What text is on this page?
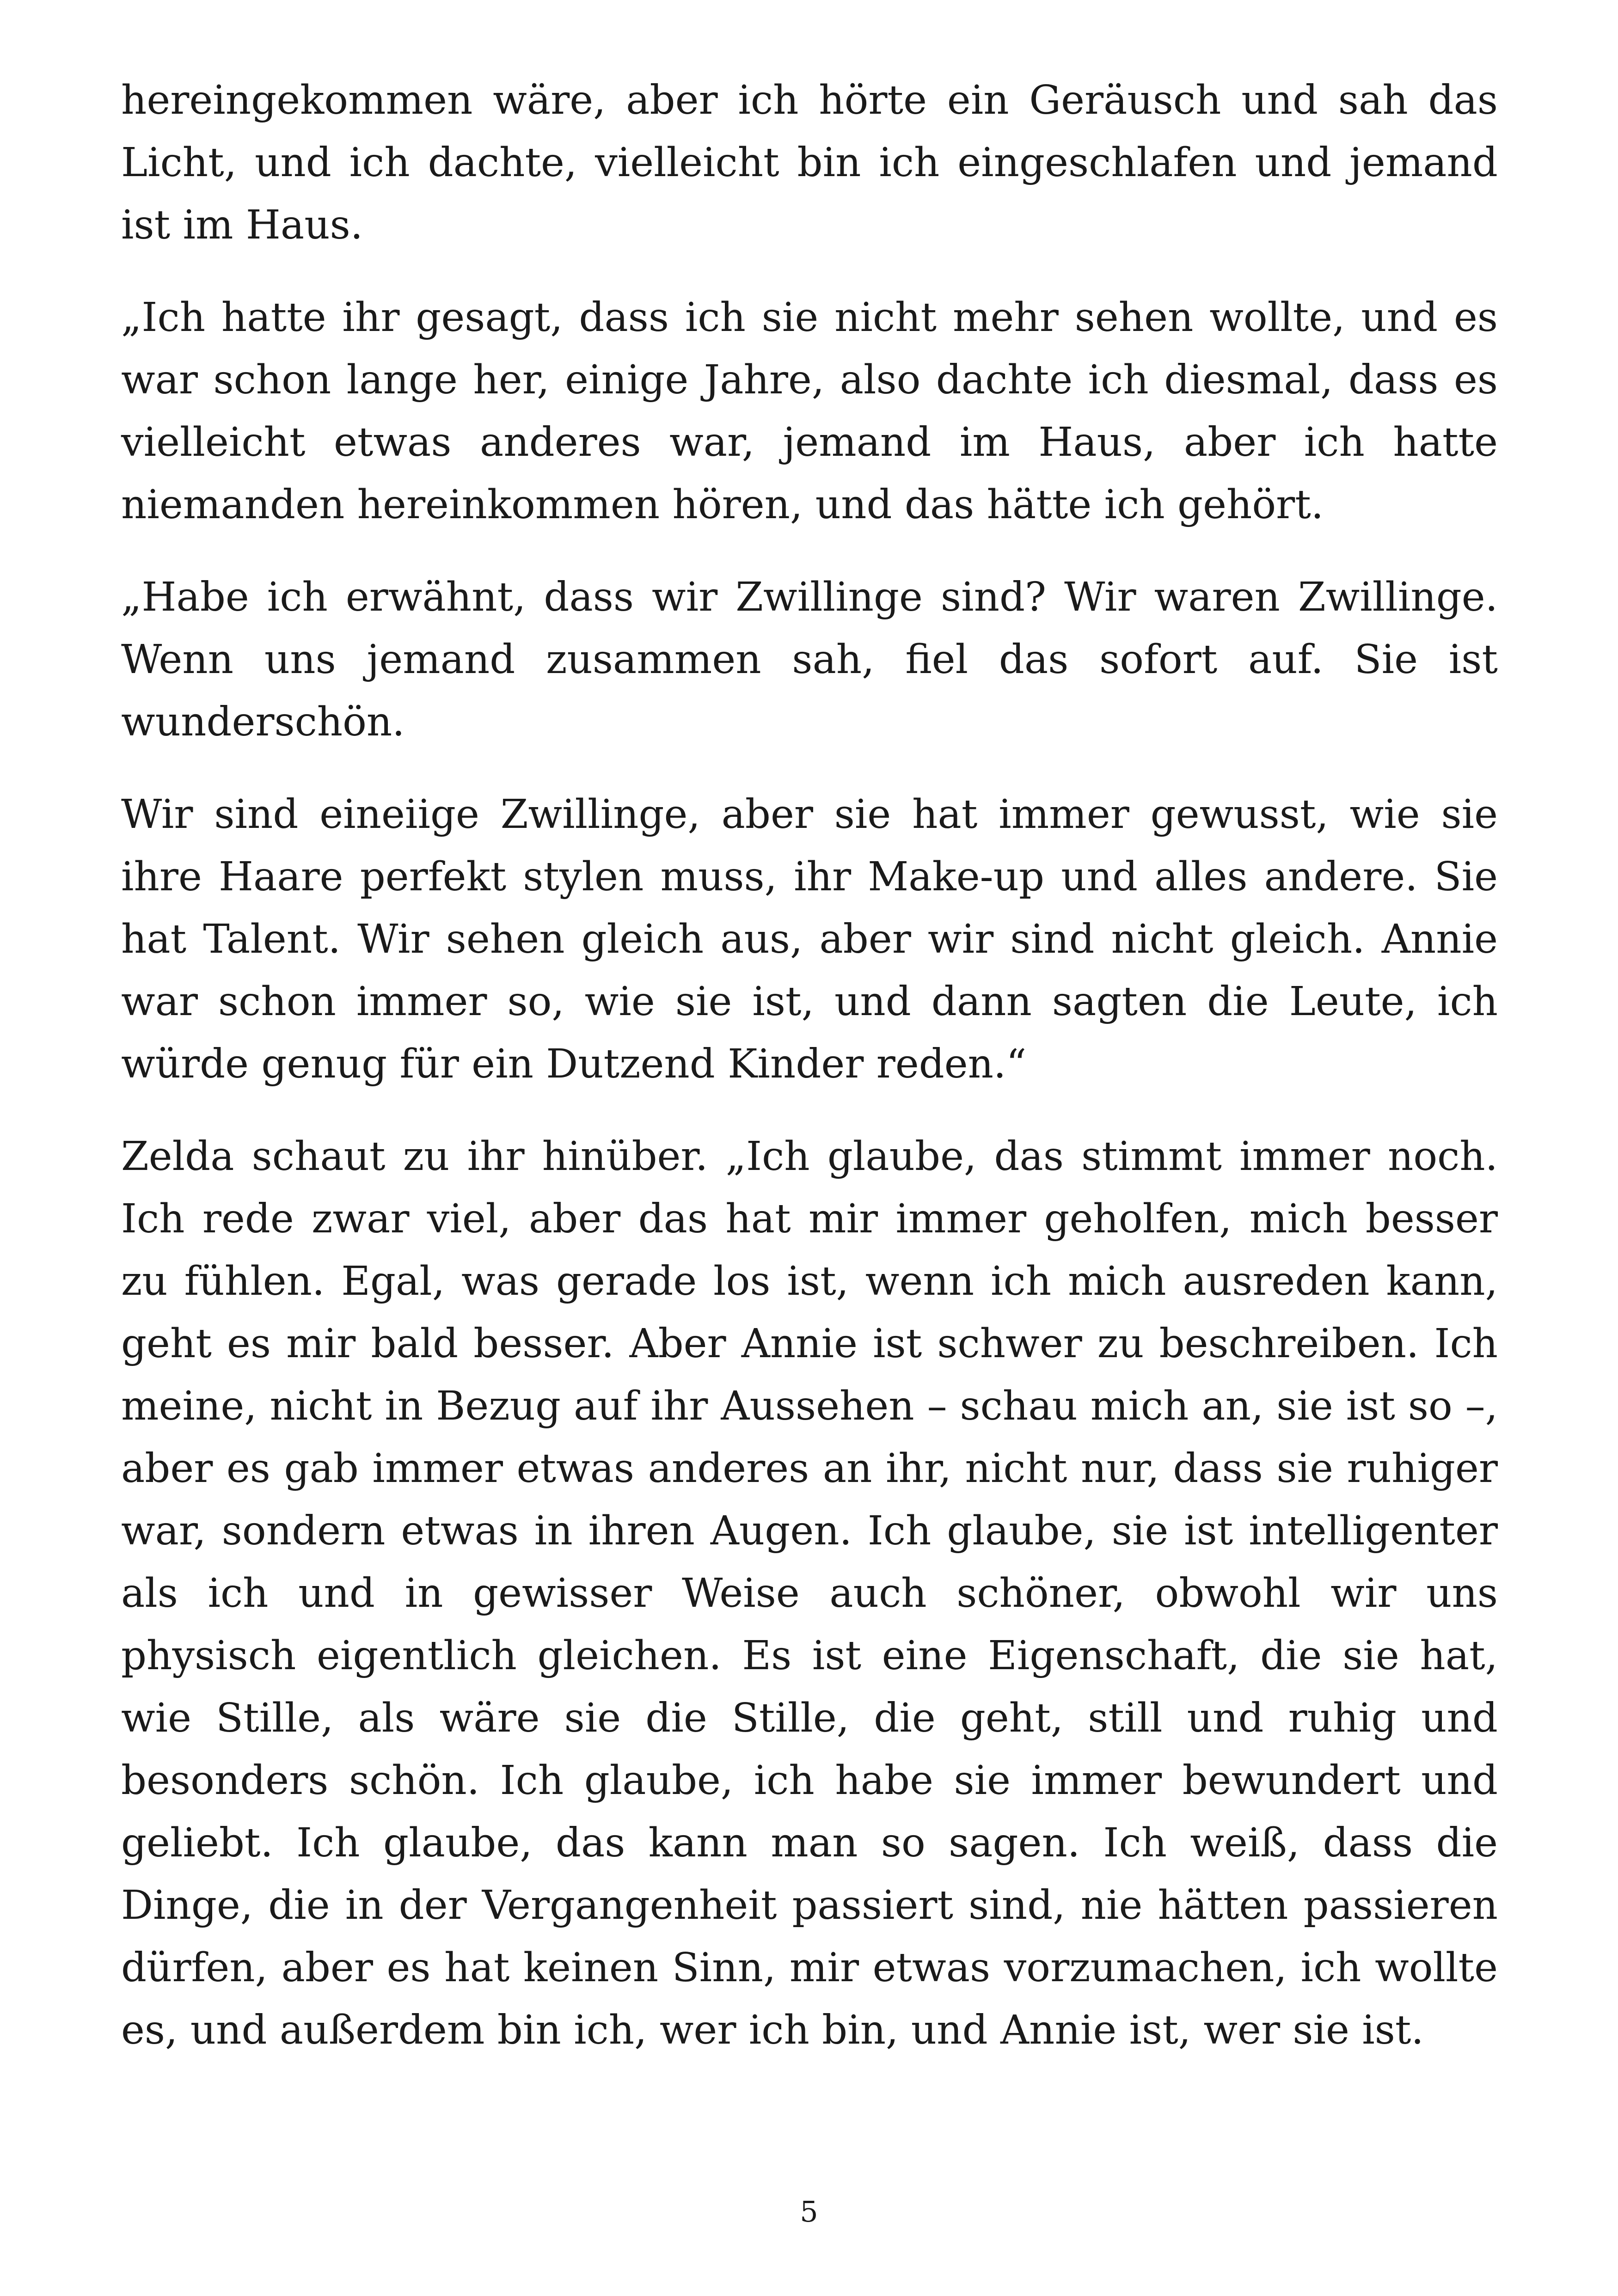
hereingekommen wäre, aber ich hörte ein Geräusch und sah das Licht, und ich dachte, vielleicht bin ich eingeschlafen und jemand ist im Haus.

„Ich hatte ihr gesagt, dass ich sie nicht mehr sehen wollte, und es war schon lange her, einige Jahre, also dachte ich diesmal, dass es vielleicht etwas anderes war, jemand im Haus, aber ich hatte niemanden hereinkommen hören, und das hätte ich gehört.

„Habe ich erwähnt, dass wir Zwillinge sind? Wir waren Zwillinge. Wenn uns jemand zusammen sah, fiel das sofort auf. Sie ist wunderschön.

Wir sind eineiige Zwillinge, aber sie hat immer gewusst, wie sie ihre Haare perfekt stylen muss, ihr Make-up und alles andere. Sie hat Talent. Wir sehen gleich aus, aber wir sind nicht gleich. Annie war schon immer so, wie sie ist, und dann sagten die Leute, ich würde genug für ein Dutzend Kinder reden.“

Zelda schaut zu ihr hinüber. „Ich glaube, das stimmt immer noch. Ich rede zwar viel, aber das hat mir immer geholfen, mich besser zu fühlen. Egal, was gerade los ist, wenn ich mich ausreden kann, geht es mir bald besser. Aber Annie ist schwer zu beschreiben. Ich meine, nicht in Bezug auf ihr Aussehen – schau mich an, sie ist so –, aber es gab immer etwas anderes an ihr, nicht nur, dass sie ruhiger war, sondern etwas in ihren Augen. Ich glaube, sie ist intelligenter als ich und in gewisser Weise auch schöner, obwohl wir uns physisch eigentlich gleichen. Es ist eine Eigenschaft, die sie hat, wie Stille, als wäre sie die Stille, die geht, still und ruhig und besonders schön. Ich glaube, ich habe sie immer bewundert und geliebt. Ich glaube, das kann man so sagen. Ich weiß, dass die Dinge, die in der Vergangenheit passiert sind, nie hätten passieren dürfen, aber es hat keinen Sinn, mir etwas vorzumachen, ich wollte es, und außerdem bin ich, wer ich bin, und Annie ist, wer sie ist.

5
